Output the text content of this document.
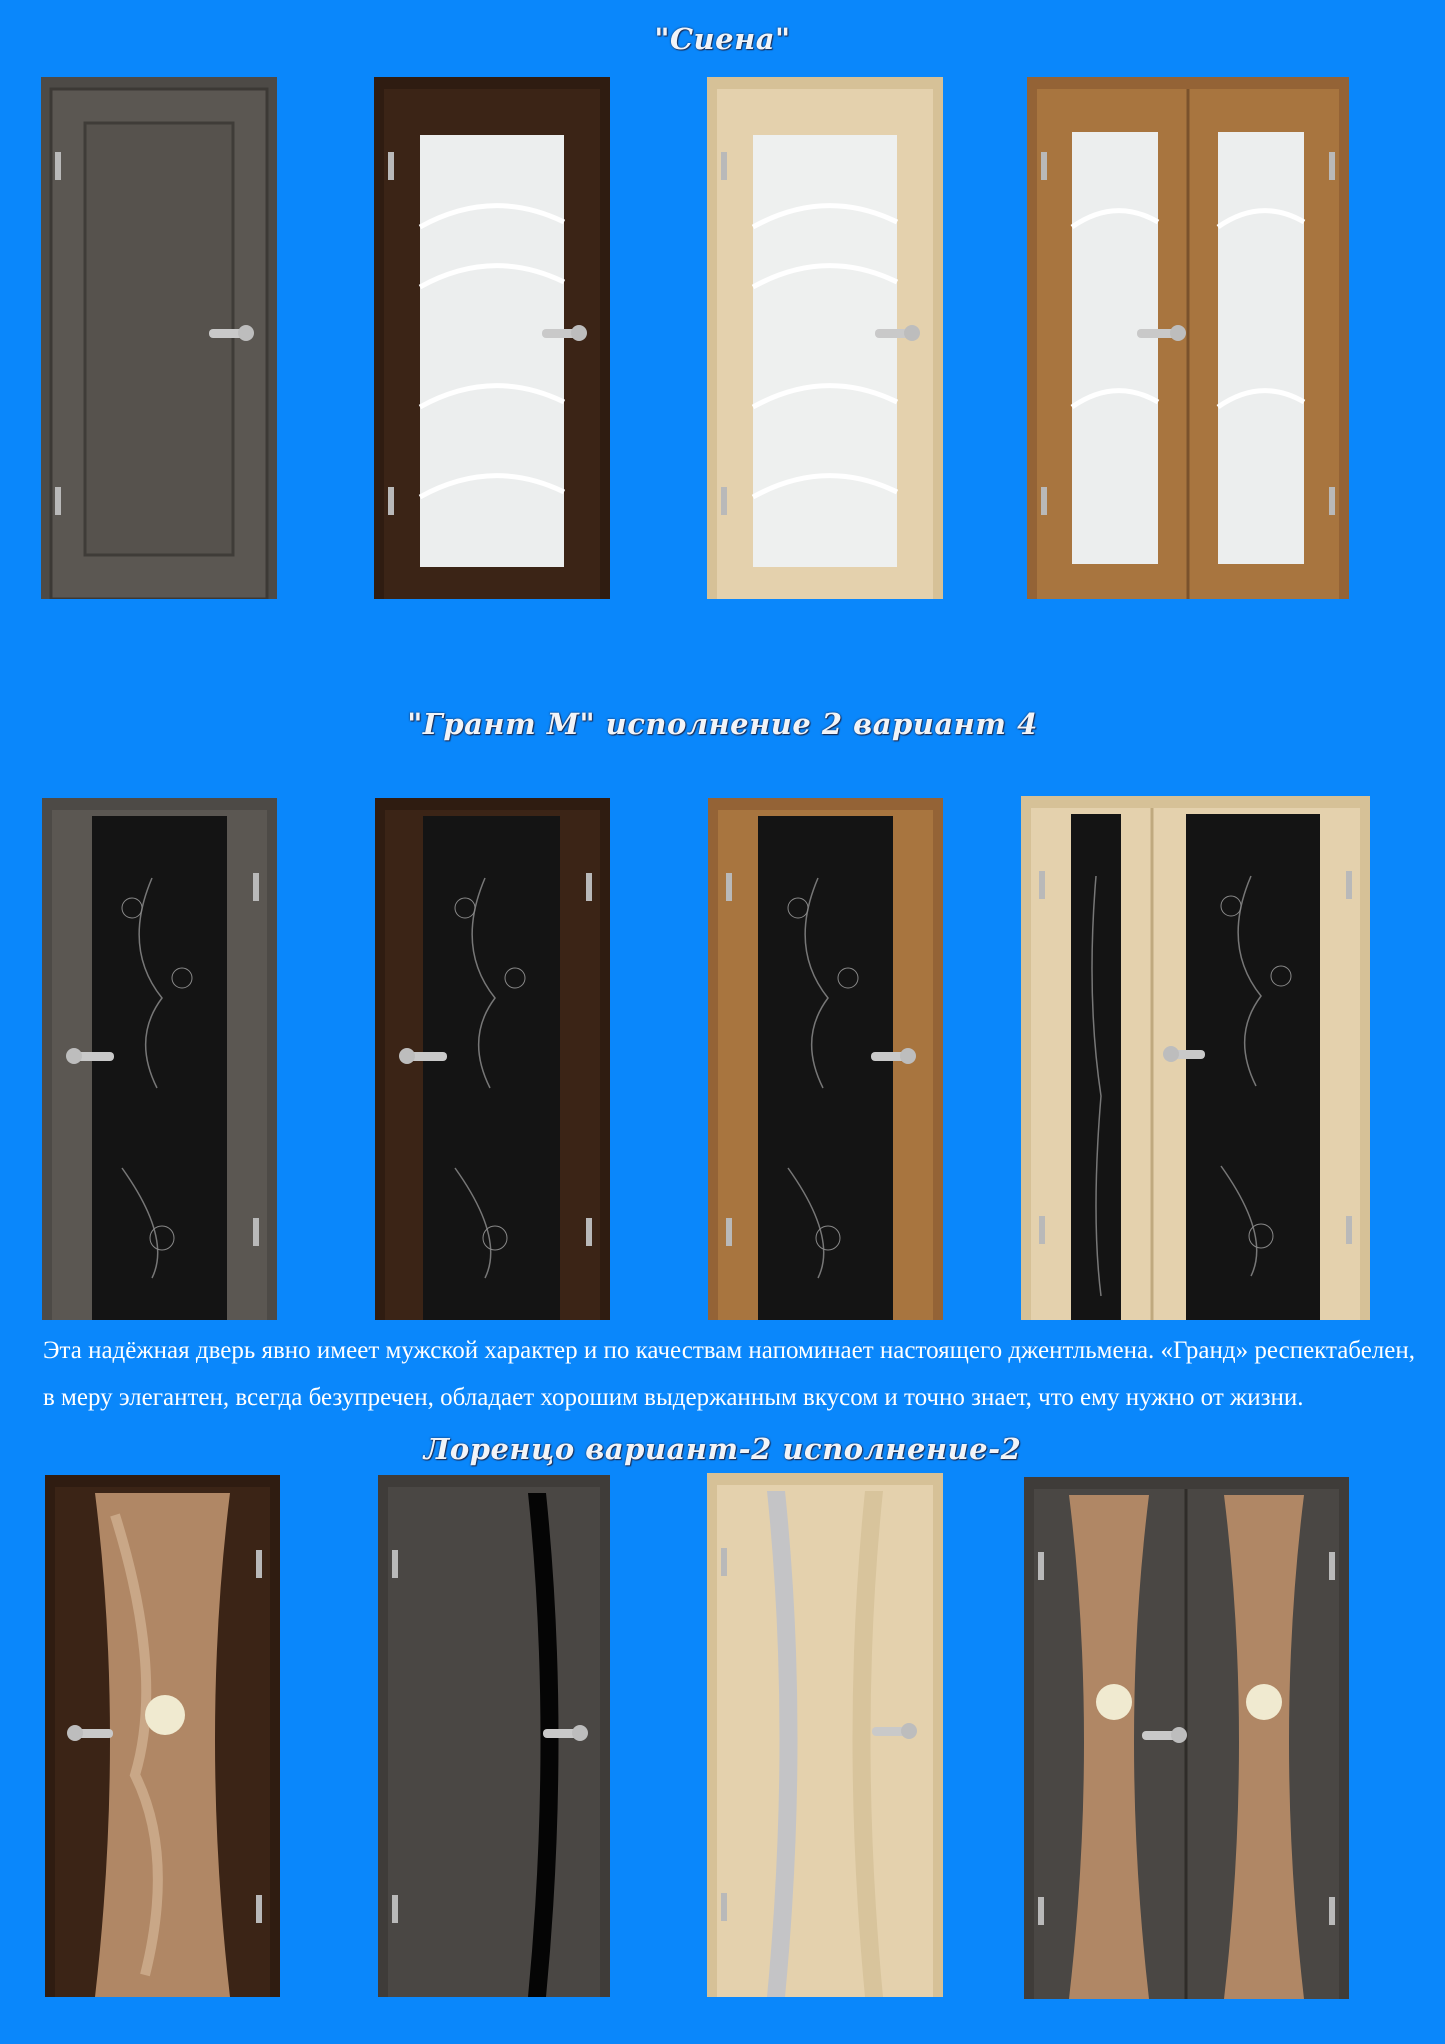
"Сиена"
"Грант М" исполнение 2 вариант 4

Эта надёжная дверь явно имеет мужской характер и по качествам напоминает настоящего джентльмена. «Гранд» респектабелен, в меру элегантен, всегда безупречен, обладает хорошим выдержанным вкусом и точно знает, что ему нужно от жизни.

Лоренцо вариант-2 исполнение-2
